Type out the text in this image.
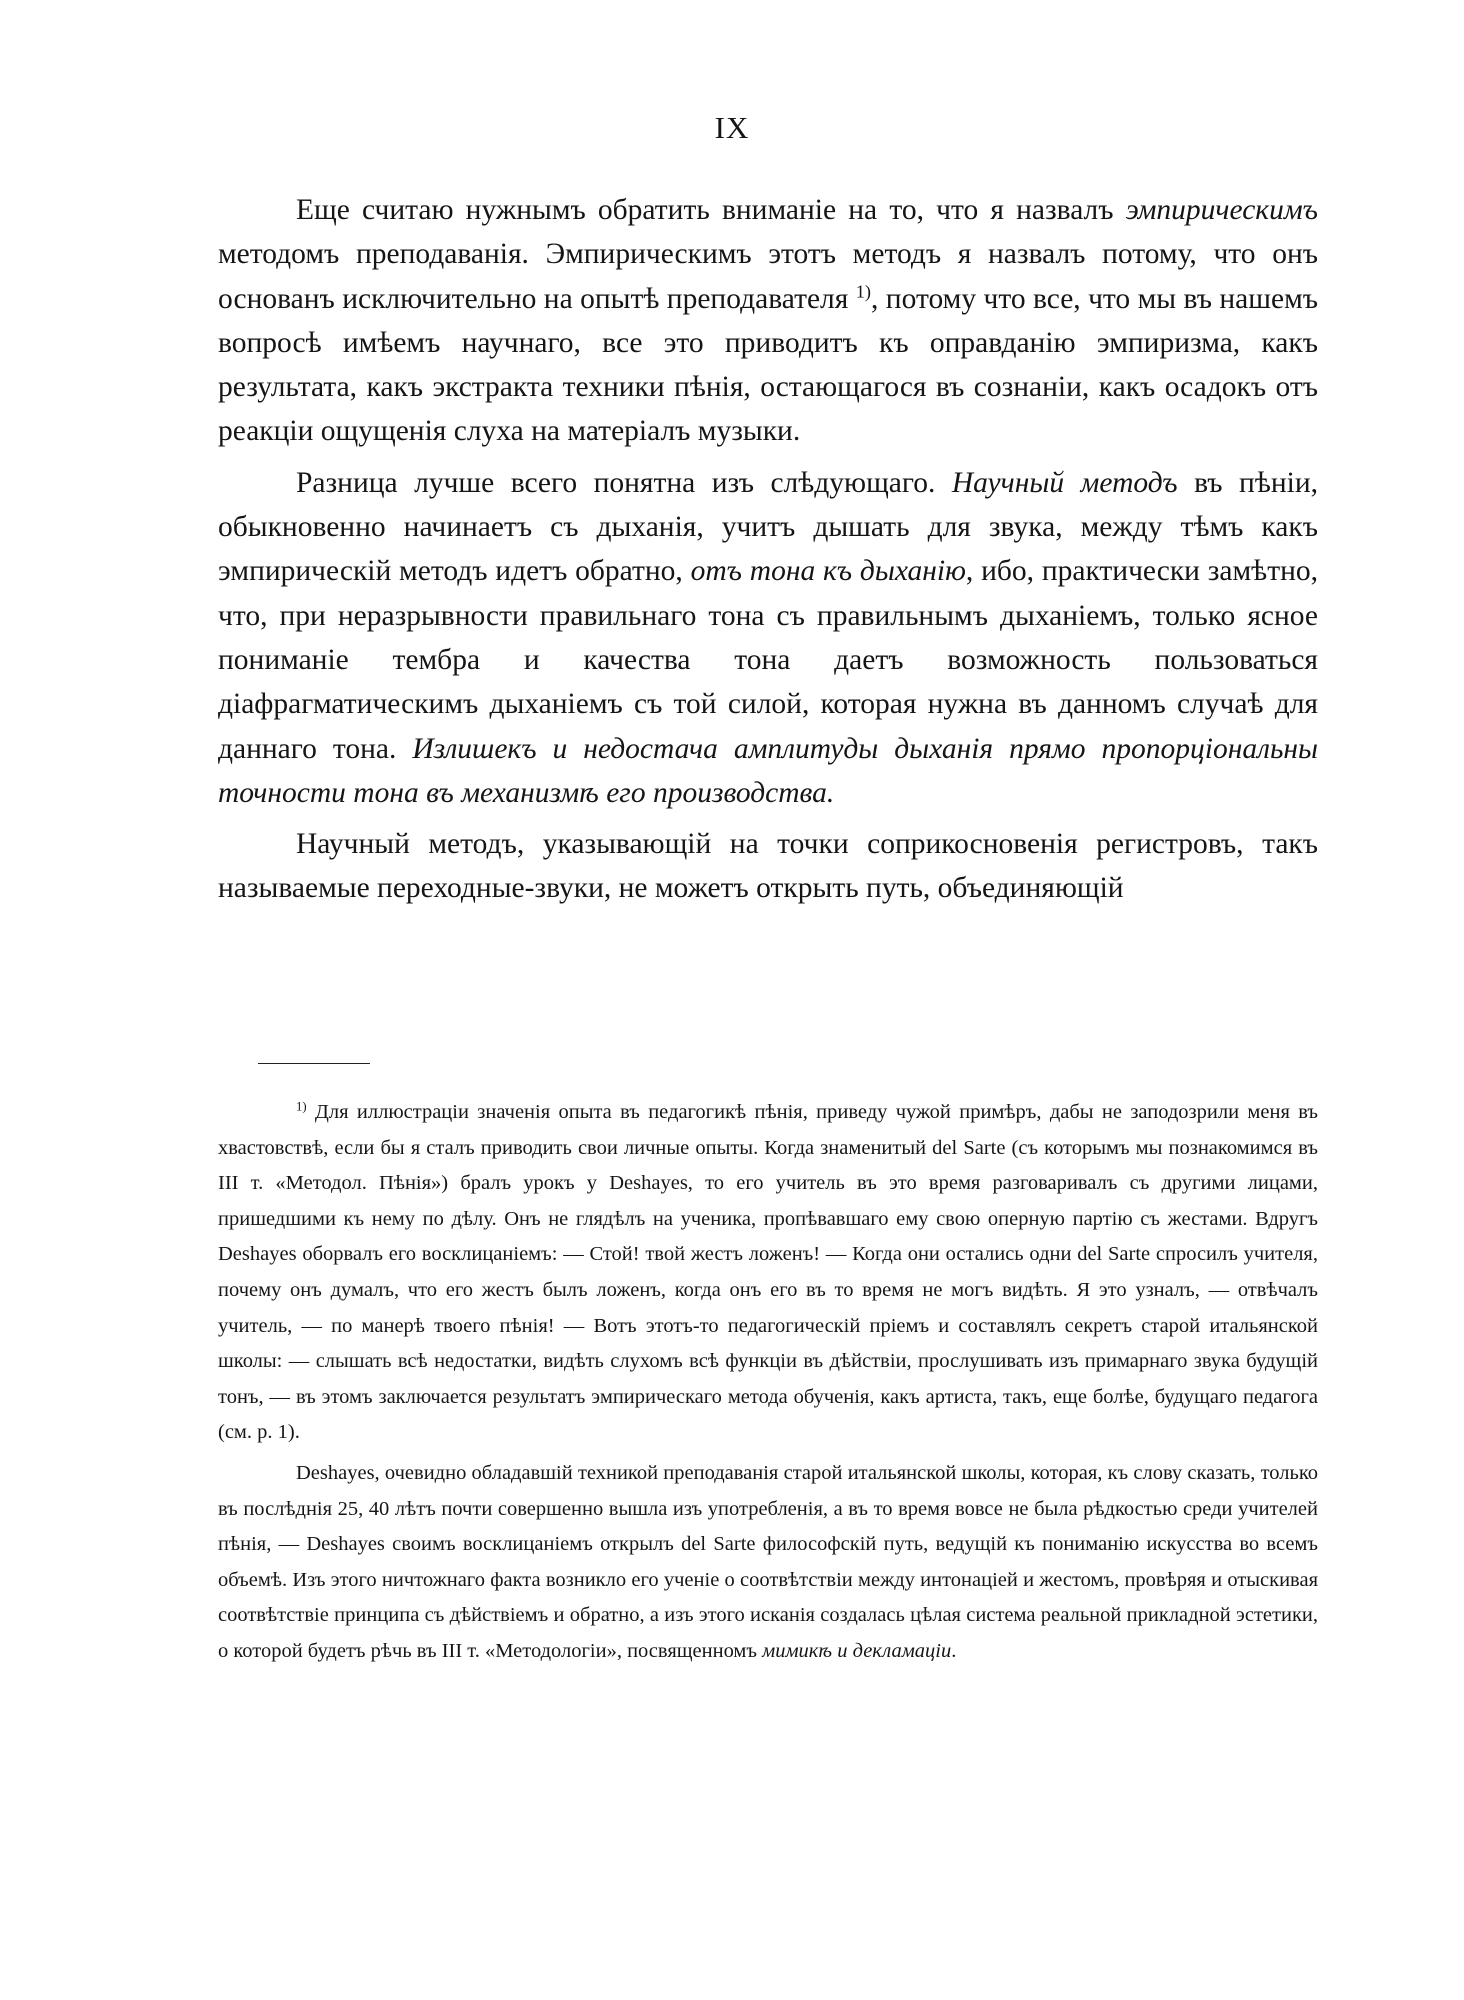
IX

Еще считаю нужнымъ обратить вниманіе на то, что я назвалъ эмпирическимъ методомъ преподаванія. Эмпирическимъ этотъ методъ я назвалъ потому, что онъ основанъ исключительно на опытѣ преподавателя $^{1)}$, потому что все, что мы въ нашемъ вопросѣ имѣемъ научнаго, все это приводитъ къ оправданію эмпиризма, какъ результата, какъ экстракта техники пѣнія, остающагося въ сознаніи, какъ осадокъ отъ реакціи ощущенія слуха на матеріалъ музыки.

Разница лучше всего понятна изъ слѣдующаго. Научный методъ въ пѣніи, обыкновенно начинаетъ съ дыханія, учитъ дышать для звука, между тѣмъ какъ эмпирическій методъ идетъ обратно, отъ тона къ дыханію, ибо, практически замѣтно, что, при неразрывности правильнаго тона съ правильнымъ дыханіемъ, только ясное пониманіе тембра и качества тона даетъ возможность пользоваться діафрагматическимъ дыханіемъ съ той силой, которая нужна въ данномъ случаѣ для даннаго тона. Излишекъ и недостача амплитуды дыханія прямо пропорціональны точности тона въ механизмѣ его производства.

Научный методъ, указывающій на точки соприкосновенія регистровъ, такъ называемые переходные-звуки, не можетъ открыть путь, объединяющій

$^{1)}$ Для иллюстраціи значенія опыта въ педагогикѣ пѣнія, приведу чужой примѣръ, дабы не заподозрили меня въ хвастовствѣ, если бы я сталъ приводить свои личные опыты. Когда знаменитый del Sarte (съ которымъ мы познакомимся въ III т. «Методол. Пѣнія») бралъ урокъ у Deshayes, то его учитель въ это время разговаривалъ съ другими лицами, пришедшими къ нему по дѣлу. Онъ не глядѣлъ на ученика, пропѣвавшаго ему свою оперную партію съ жестами. Вдругъ Deshayes оборвалъ его восклицаніемъ: — Стой! твой жестъ ложенъ! — Когда они остались одни del Sarte спросилъ учителя, почему онъ думалъ, что его жестъ былъ ложенъ, когда онъ его въ то время не могъ видѣть. Я это узналъ, — отвѣчалъ учитель, — по манерѣ твоего пѣнія! — Вотъ этотъ-то педагогическій пріемъ и составлялъ секретъ старой итальянской школы: — слышать всѣ недостатки, видѣть слухомъ всѣ функціи въ дѣйствіи, прослушивать изъ примарнаго звука будущій тонъ, — въ этомъ заключается результатъ эмпирическаго метода обученія, какъ артиста, такъ, еще болѣе, будущаго педагога (см. p. 1).

Deshayes, очевидно обладавшій техникой преподаванія старой итальянской школы, которая, къ слову сказать, только въ послѣднія 25, 40 лѣтъ почти совершенно вышла изъ употребленія, а въ то время вовсе не была рѣдкостью среди учителей пѣнія, — Deshayes своимъ восклицаніемъ открылъ del Sarte философскій путь, ведущій къ пониманію искусства во всемъ объемѣ. Изъ этого ничтожнаго факта возникло его ученіе о соотвѣтствіи между интонаціей и жестомъ, провѣряя и отыскивая соотвѣтствіе принципа съ дѣйствіемъ и обратно, а изъ этого исканія создалась цѣлая система реальной прикладной эстетики, о которой будетъ рѣчь въ III т. «Методологіи», посвященномъ мимикѣ и декламаціи.
